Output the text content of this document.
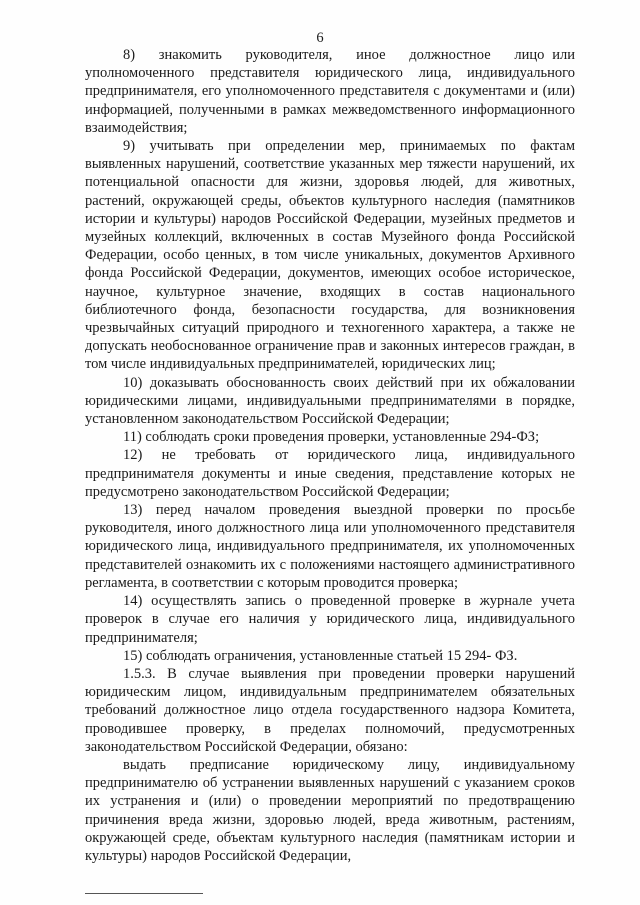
6

8)   знакомить   руководителя,   иное   должностное   лицо или уполномоченного представителя юридического лица, индивидуального предпринимателя, его уполномоченного представителя с документами и (или) информацией, полученными в рамках межведомственного информационного взаимодействия;

9) учитывать при определении мер, принимаемых по фактам выявленных нарушений, соответствие указанных мер тяжести нарушений, их потенциальной опасности для жизни, здоровья людей, для животных, растений, окружающей среды, объектов культурного наследия (памятников истории и культуры) народов Российской Федерации, музейных предметов и музейных коллекций, включенных в состав Музейного фонда Российской Федерации, особо ценных, в том числе уникальных, документов Архивного фонда Российской Федерации, документов, имеющих особое историческое, научное, культурное значение, входящих в состав национального библиотечного фонда, безопасности государства, для возникновения чрезвычайных ситуаций природного и техногенного характера, а также не допускать необоснованное ограничение прав и законных интересов граждан, в том числе индивидуальных предпринимателей, юридических лиц;

10) доказывать обоснованность своих действий при их обжаловании юридическими лицами, индивидуальными предпринимателями в порядке, установленном законодательством Российской Федерации;

11) соблюдать сроки проведения проверки, установленные 294-ФЗ;

12) не требовать от юридического лица, индивидуального предпринимателя документы и иные сведения, представление которых не предусмотрено законодательством Российской Федерации;

13) перед началом проведения выездной проверки по просьбе руководителя, иного должностного лица или уполномоченного представителя юридического лица, индивидуального предпринимателя, их уполномоченных представителей ознакомить их с положениями настоящего административного регламента, в соответствии с которым проводится проверка;

14) осуществлять запись о проведенной проверке в журнале учета проверок в случае его наличия у юридического лица, индивидуального предпринимателя;

15) соблюдать ограничения, установленные статьей 15 294- ФЗ.

1.5.3. В случае выявления при проведении проверки нарушений юридическим лицом, индивидуальным предпринимателем обязательных требований должностное лицо отдела государственного надзора Комитета, проводившее проверку, в пределах полномочий, предусмотренных законодательством Российской Федерации, обязано:

выдать предписание юридическому лицу, индивидуальному предпринимателю об устранении выявленных нарушений с указанием сроков их устранения и (или) о проведении мероприятий по предотвращению причинения вреда жизни, здоровью людей, вреда животным, растениям, окружающей среде, объектам культурного наследия (памятникам истории и культуры) народов Российской Федерации,
